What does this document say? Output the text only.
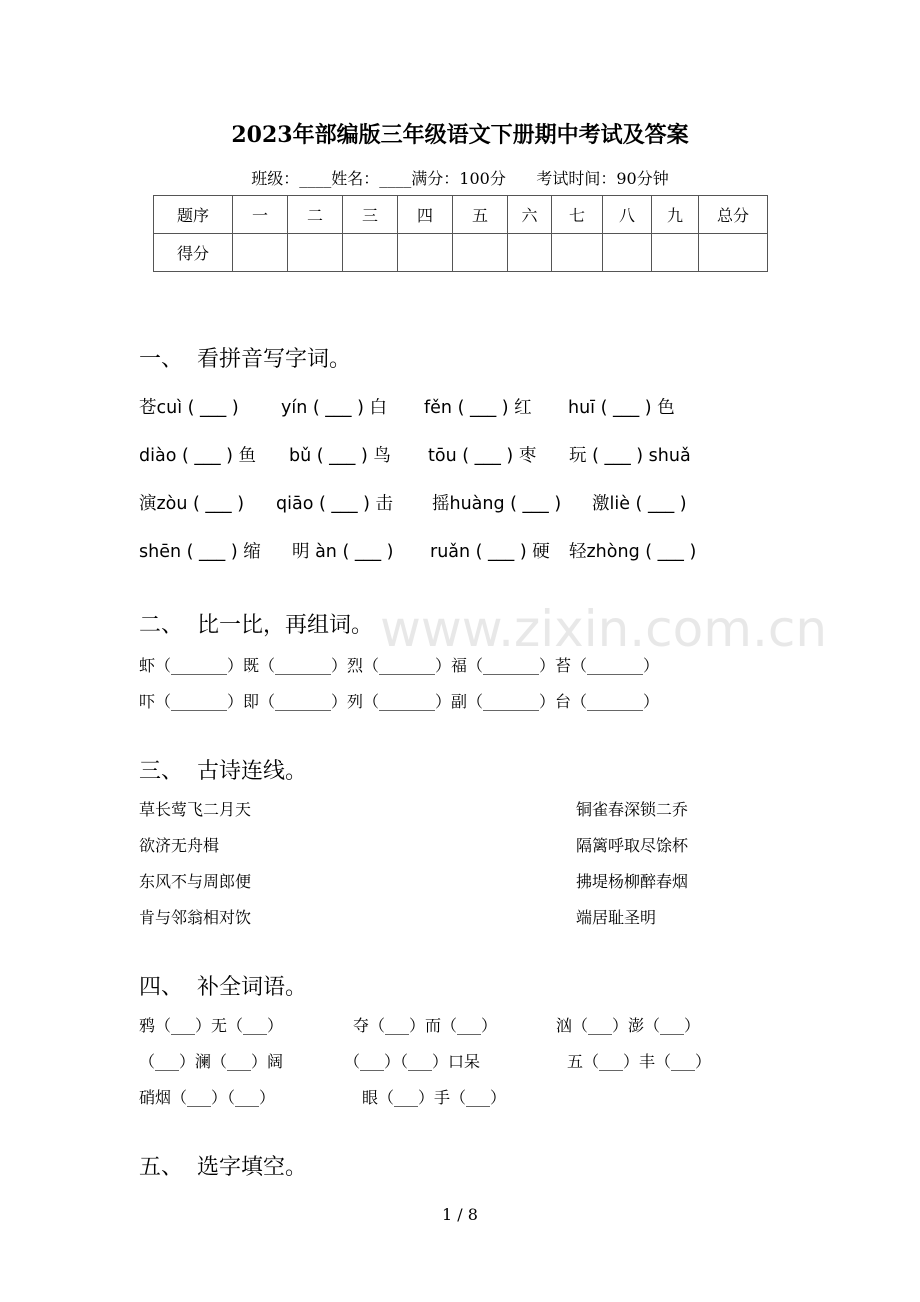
2023年部编版三年级语文下册期中考试及答案
班级：____姓名：____满分：100分      考试时间：90分钟
题序	一	二	三	四	五	六	七	八	九	总分
得分										
一、  看拼音写字词。
苍cuì ( ___ ) yín ( ___ ) 白 fěn ( ___ ) 红 huī ( ___ ) 色
diào ( ___ ) 鱼 bǔ ( ___ ) 鸟 tōu ( ___ ) 枣 玩 ( ___ ) shuǎ
演zòu ( ___ ) qiāo ( ___ ) 击 摇huàng ( ___ ) 激liè ( ___ )
shēn ( ___ ) 缩 明 àn ( ___ ) ruǎn ( ___ ) 硬 轻zhòng ( ___ )
二、  比一比，再组词。
虾（_______）既（_______）烈（_______）福（_______）苔（_______）
吓（_______）即（_______）列（_______）副（_______）台（_______）
三、  古诗连线。
草长莺飞二月天
欲济无舟楫
东风不与周郎便
肯与邻翁相对饮
铜雀春深锁二乔
隔篱呼取尽馀杯
拂堤杨柳醉春烟
端居耻圣明
四、  补全词语。
鸦（___）无（___）	夺（___）而（___）	汹（___）澎（___）
（___）澜（___）阔	（___）（___）口呆	五（___）丰（___）
硝烟（___）（___）	眼（___）手（___）
五、  选字填空。
www.zixin.com.cn
1 / 8
